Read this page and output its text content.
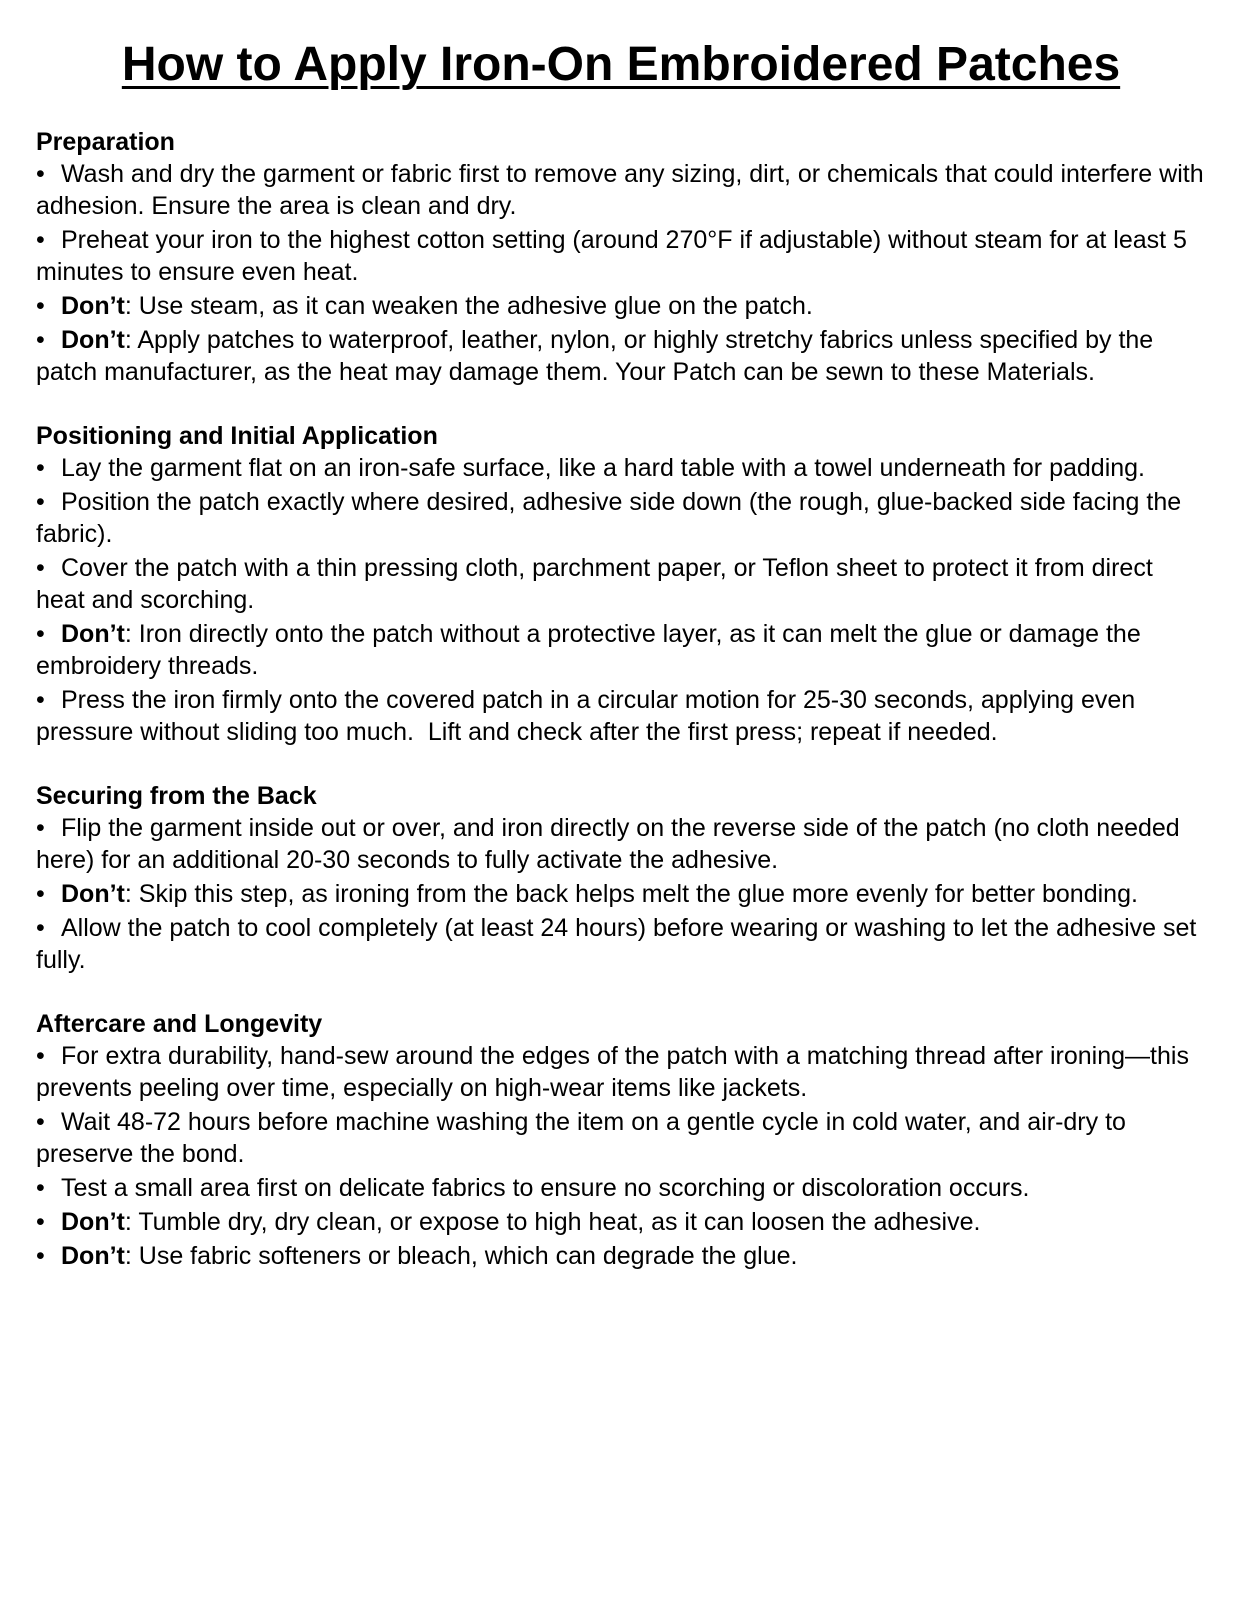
How to Apply Iron-On Embroidered Patches
Preparation
• Wash and dry the garment or fabric first to remove any sizing, dirt, or chemicals that could interfere with adhesion. Ensure the area is clean and dry.
• Preheat your iron to the highest cotton setting (around 270°F if adjustable) without steam for at least 5 minutes to ensure even heat.
• Don’t: Use steam, as it can weaken the adhesive glue on the patch.
• Don’t: Apply patches to waterproof, leather, nylon, or highly stretchy fabrics unless specified by the patch manufacturer, as the heat may damage them. Your Patch can be sewn to these Materials.
Positioning and Initial Application
• Lay the garment flat on an iron-safe surface, like a hard table with a towel underneath for padding.
• Position the patch exactly where desired, adhesive side down (the rough, glue-backed side facing the fabric).
• Cover the patch with a thin pressing cloth, parchment paper, or Teflon sheet to protect it from direct heat and scorching.
• Don’t: Iron directly onto the patch without a protective layer, as it can melt the glue or damage the embroidery threads.
• Press the iron firmly onto the covered patch in a circular motion for 25-30 seconds, applying even pressure without sliding too much.  Lift and check after the first press; repeat if needed.
Securing from the Back
• Flip the garment inside out or over, and iron directly on the reverse side of the patch (no cloth needed here) for an additional 20-30 seconds to fully activate the adhesive.
• Don’t: Skip this step, as ironing from the back helps melt the glue more evenly for better bonding.
• Allow the patch to cool completely (at least 24 hours) before wearing or washing to let the adhesive set fully.
Aftercare and Longevity
• For extra durability, hand-sew around the edges of the patch with a matching thread after ironing—this prevents peeling over time, especially on high-wear items like jackets.
• Wait 48-72 hours before machine washing the item on a gentle cycle in cold water, and air-dry to     preserve the bond.
• Test a small area first on delicate fabrics to ensure no scorching or discoloration occurs.
• Don’t: Tumble dry, dry clean, or expose to high heat, as it can loosen the adhesive.
• Don’t: Use fabric softeners or bleach, which can degrade the glue.
